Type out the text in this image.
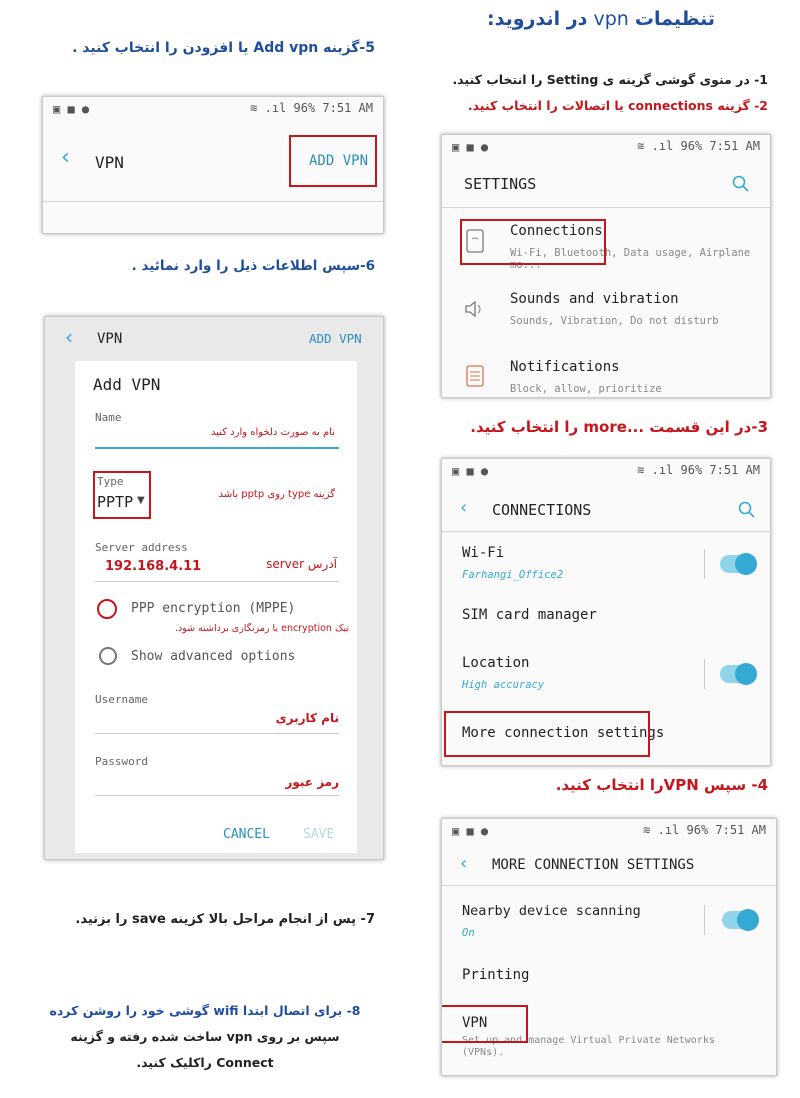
تنظیمات vpn در اندروید:
1- در منوی گوشی گزینه ی Setting را انتخاب کنید.
2- گزینه connections یا اتصالات را انتخاب کنید.
3-در این قسمت ...more را انتخاب کنید.
4- سپس VPNرا انتخاب کنید.
5-گزینه Add vpn یا افزودن را انتخاب کنید .
6-سپس اطلاعات ذیل را وارد نمائید .
7- پس از انجام مراحل بالا کزینه save را بزنید.
8- برای اتصال ابتدا wifi گوشی خود را روشن کرده
سپس بر روی vpn ساخت شده رفته و گزینه
Connect راکلیک کنید.
▣ ■ ●	≋ .ıl 96% 7:51 AM
SETTINGS
Connections
Wi-Fi, Bluetooth, Data usage, Airplane mo...
Sounds and vibration
Sounds, Vibration, Do not disturb
Notifications
Block, allow, prioritize
▣ ■ ●	≋ .ıl 96% 7:51 AM
‹ CONNECTIONS
Wi-Fi
Farhangi_Office2
SIM card manager
Location
High accuracy
More connection settings
▣ ■ ●	≋ .ıl 96% 7:51 AM
‹ MORE CONNECTION SETTINGS
Nearby device scanning
On
Printing
VPN
Set up and manage Virtual Private Networks (VPNs).
▣ ■ ●	≋ .ıl 96% 7:51 AM
‹ VPN	ADD VPN
‹ VPN	ADD VPN
Add VPN
Name
نام به صورت دلخواه وارد کنید
Type
PPTP ▼
گزینه type روی pptp باشد
Server address
192.168.4.11	آدرس server
PPP encryption (MPPE)
تیک encryption یا رمزنگاری برداشته شود.
Show advanced options
Username
نام کاربری
Password
رمز عبور
CANCEL	SAVE
